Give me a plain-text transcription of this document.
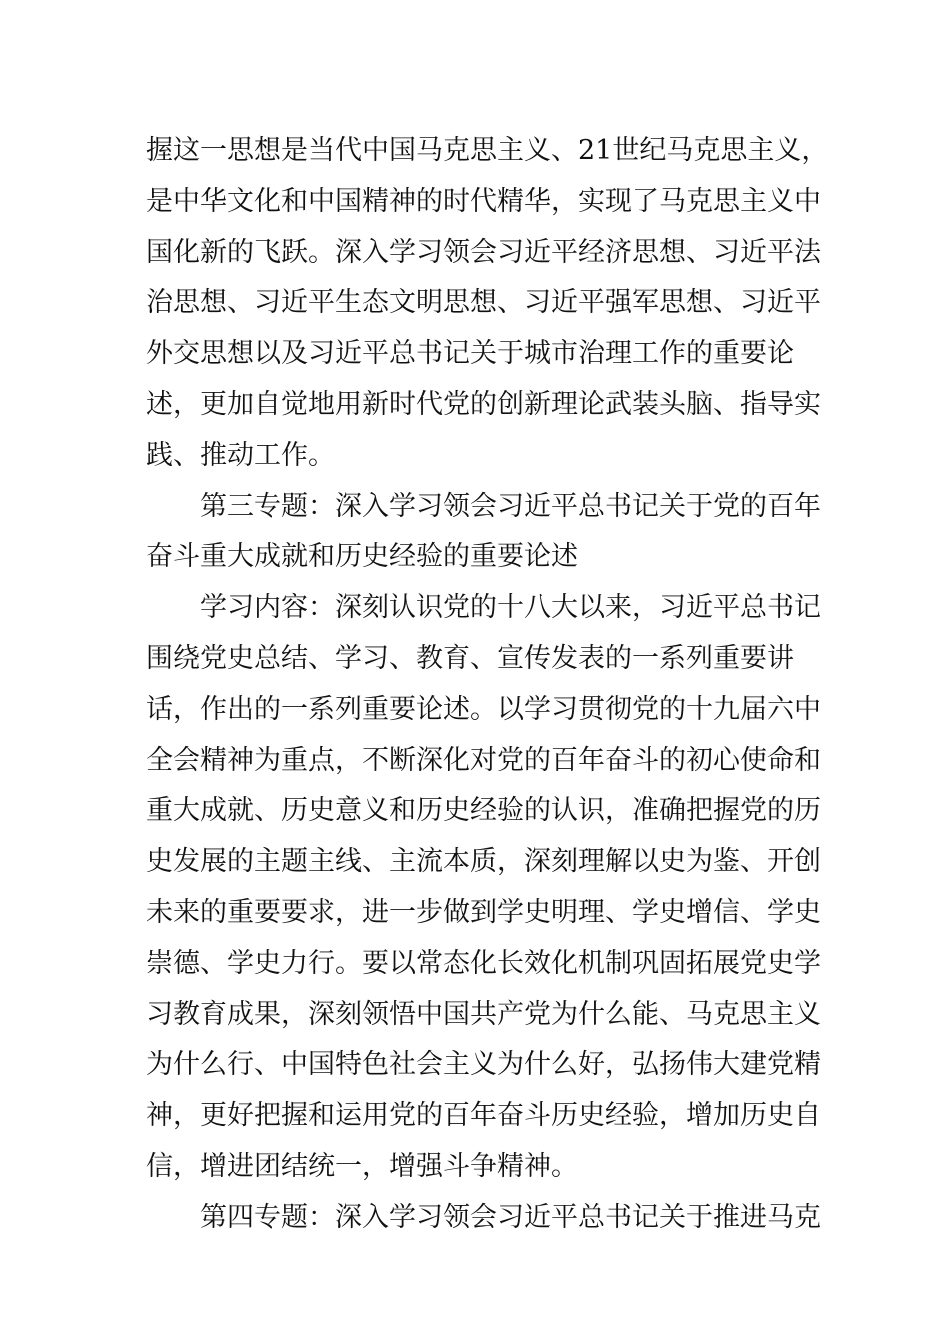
握这一思想是当代中国马克思主义、21世纪马克思主义，
是中华文化和中国精神的时代精华，实现了马克思主义中
国化新的飞跃。深入学习领会习近平经济思想、习近平法
治思想、习近平生态文明思想、习近平强军思想、习近平
外交思想以及习近平总书记关于城市治理工作的重要论
述，更加自觉地用新时代党的创新理论武装头脑、指导实
践、推动工作。
第三专题：深入学习领会习近平总书记关于党的百年
奋斗重大成就和历史经验的重要论述
学习内容：深刻认识党的十八大以来，习近平总书记
围绕党史总结、学习、教育、宣传发表的一系列重要讲
话，作出的一系列重要论述。以学习贯彻党的十九届六中
全会精神为重点，不断深化对党的百年奋斗的初心使命和
重大成就、历史意义和历史经验的认识，准确把握党的历
史发展的主题主线、主流本质，深刻理解以史为鉴、开创
未来的重要要求，进一步做到学史明理、学史增信、学史
崇德、学史力行。要以常态化长效化机制巩固拓展党史学
习教育成果，深刻领悟中国共产党为什么能、马克思主义
为什么行、中国特色社会主义为什么好，弘扬伟大建党精
神，更好把握和运用党的百年奋斗历史经验，增加历史自
信，增进团结统一，增强斗争精神。
第四专题：深入学习领会习近平总书记关于推进马克
